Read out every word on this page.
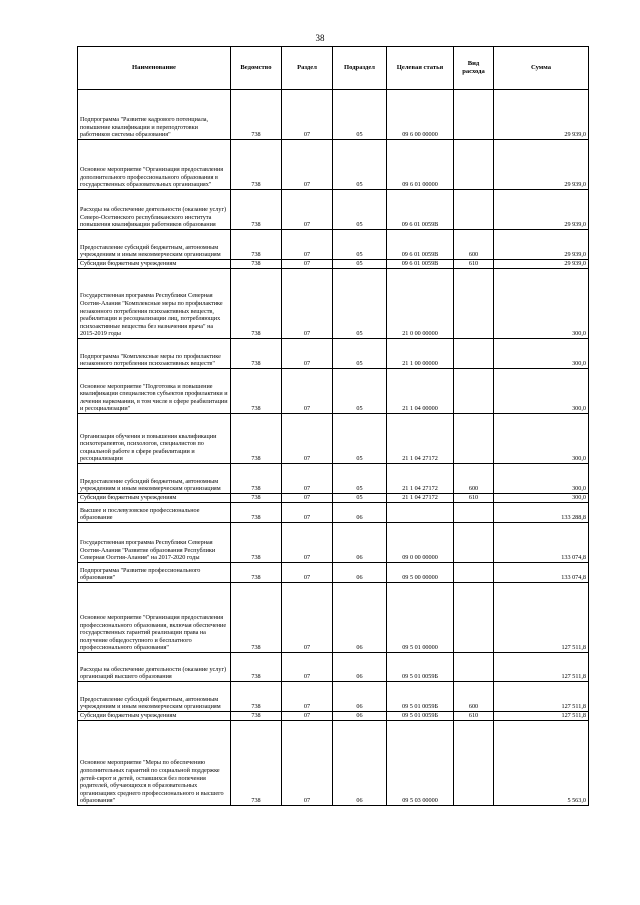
38
Наименование	Ведомство	Раздел	Подраздел	Целевая статья	Вид расхода	Сумма
Подпрограмма "Развитие кадрового потенциала, повышение квалификации и переподготовки работников системы образования"	738	07	05	09 6 00 00000		29 939,0
Основное мероприятие "Организация предоставления дополнительного профессионального образования в государственных образовательных организациях"	738	07	05	09 6 01 00000		29 939,0
Расходы на обеспечение деятельности (оказание услуг) Северо-Осетинского республиканского института повышения квалификации работников образования	738	07	05	09 6 01 0059В		29 939,0
Предоставление субсидий бюджетным, автономным учреждениям и иным некоммерческим организациям	738	07	05	09 6 01 0059В	600	29 939,0
Субсидии бюджетным учреждениям	738	07	05	09 6 01 0059В	610	29 939,0
Государственная программа Республики Северная Осетия-Алания "Комплексные меры по профилактике незаконного потребления психоактивных веществ, реабилитации и ресоциализации лиц, потребляющих психоактивные вещества без назначения врача" на 2015-2019 годы	738	07	05	21 0 00 00000		300,0
Подпрограмма "Комплексные меры по профилактике незаконного потребления психоактивных веществ"	738	07	05	21 1 00 00000		300,0
Основное мероприятие "Подготовка и повышение квалификации специалистов субъектов профилактики и лечения наркомании, в том числе в сфере реабилитации и ресоциализации"	738	07	05	21 1 04 00000		300,0
Организация обучения и повышения квалификации психотерапевтов, психологов, специалистов по социальной работе в сфере реабилитации и ресоциализации	738	07	05	21 1 04 27172		300,0
Предоставление субсидий бюджетным, автономным учреждениям и иным некоммерческим организациям	738	07	05	21 1 04 27172	600	300,0
Субсидии бюджетным учреждениям	738	07	05	21 1 04 27172	610	300,0
Высшее и послевузовское профессиональное образование	738	07	06			133 288,8
Государственная программа Республики Северная Осетия-Алания "Развитие образования Республики Северная Осетия-Алания" на 2017-2020 годы	738	07	06	09 0 00 00000		133 074,8
Подпрограмма "Развитие профессионального образования"	738	07	06	09 5 00 00000		133 074,8
Основное мероприятие "Организация предоставления профессионального образования, включая обеспечение государственных гарантий реализации права на получение общедоступного и бесплатного профессионального образования"	738	07	06	09 5 01 00000		127 511,8
Расходы на обеспечение деятельности (оказание услуг) организаций высшего образования	738	07	06	09 5 01 0059Б		127 511,8
Предоставление субсидий бюджетным, автономным учреждениям и иным некоммерческим организациям	738	07	06	09 5 01 0059Б	600	127 511,8
Субсидии бюджетным учреждениям	738	07	06	09 5 01 0059Б	610	127 511,8
Основное мероприятие "Меры по обеспечению дополнительных гарантий по социальной поддержке детей-сирот и детей, оставшихся без попечения родителей, обучающихся в образовательных организациях среднего профессионального и высшего образования"	738	07	06	09 5 03 00000		5 563,0
